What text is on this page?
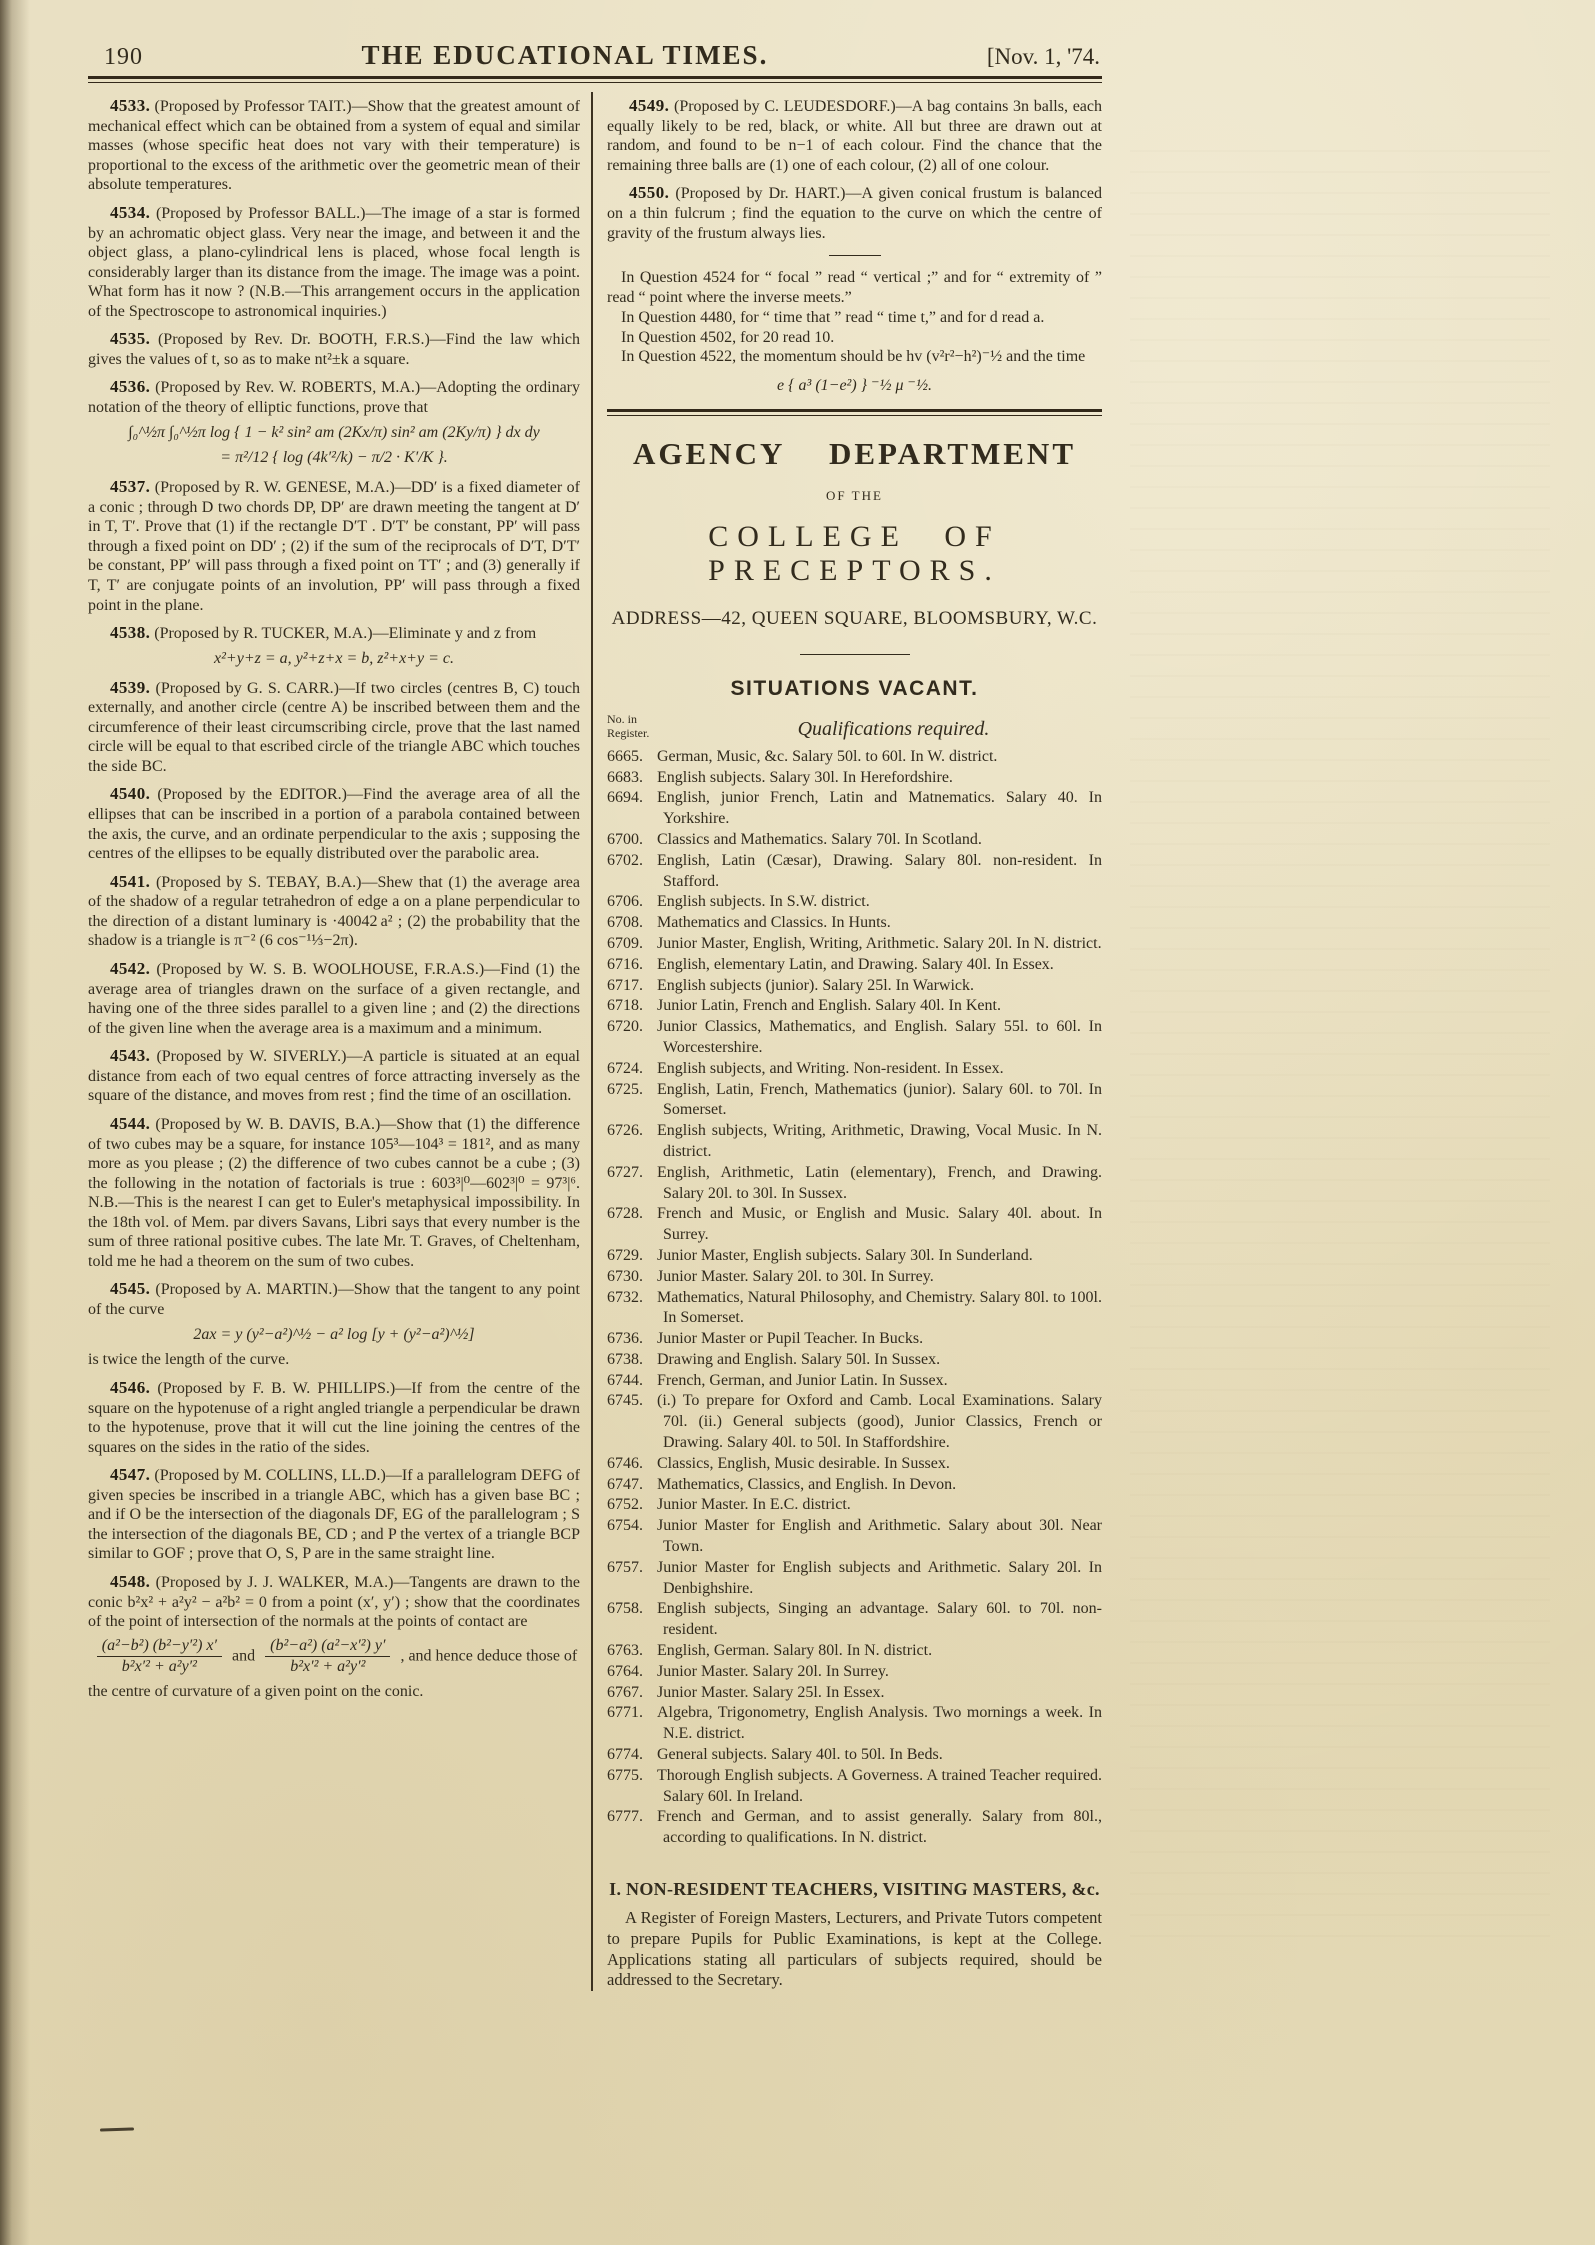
190	THE EDUCATIONAL TIMES.	[Nov. 1, '74.

4533. (Proposed by Professor TAIT.)—Show that the greatest amount of mechanical effect which can be obtained from a system of equal and similar masses (whose specific heat does not vary with their temperature) is proportional to the excess of the arithmetic over the geometric mean of their absolute temperatures.

4534. (Proposed by Professor BALL.)—The image of a star is formed by an achromatic object glass. Very near the image, and between it and the object glass, a plano-cylindrical lens is placed, whose focal length is considerably larger than its distance from the image. The image was a point. What form has it now ? (N.B.—This arrangement occurs in the application of the Spectroscope to astronomical inquiries.)

4535. (Proposed by Rev. Dr. BOOTH, F.R.S.)—Find the law which gives the values of t, so as to make nt²±k a square.

4536. (Proposed by Rev. W. ROBERTS, M.A.)—Adopting the ordinary notation of the theory of elliptic functions, prove that

∫₀^½π ∫₀^½π log { 1 − k² sin² am (2Kx/π) sin² am (2Ky/π) } dx dy
= π²/12 { log (4k′²/k) − π/2 · K′/K }.

4537. (Proposed by R. W. GENESE, M.A.)—DD′ is a fixed diameter of a conic ; through D two chords DP, DP′ are drawn meeting the tangent at D′ in T, T′. Prove that (1) if the rectangle D′T . D′T′ be constant, PP′ will pass through a fixed point on DD′ ; (2) if the sum of the reciprocals of D′T, D′T′ be constant, PP′ will pass through a fixed point on TT′ ; and (3) generally if T, T′ are conjugate points of an involution, PP′ will pass through a fixed point in the plane.

4538. (Proposed by R. TUCKER, M.A.)—Eliminate y and z from

x²+y+z = a, y²+z+x = b, z²+x+y = c.

4539. (Proposed by G. S. CARR.)—If two circles (centres B, C) touch externally, and another circle (centre A) be inscribed between them and the circumference of their least circumscribing circle, prove that the last named circle will be equal to that escribed circle of the triangle ABC which touches the side BC.

4540. (Proposed by the EDITOR.)—Find the average area of all the ellipses that can be inscribed in a portion of a parabola contained between the axis, the curve, and an ordinate perpendicular to the axis ; supposing the centres of the ellipses to be equally distributed over the parabolic area.

4541. (Proposed by S. TEBAY, B.A.)—Shew that (1) the average area of the shadow of a regular tetrahedron of edge a on a plane perpendicular to the direction of a distant luminary is ·40042 a² ; (2) the probability that the shadow is a triangle is π⁻² (6 cos⁻¹⅓−2π).

4542. (Proposed by W. S. B. WOOLHOUSE, F.R.A.S.)—Find (1) the average area of triangles drawn on the surface of a given rectangle, and having one of the three sides parallel to a given line ; and (2) the directions of the given line when the average area is a maximum and a minimum.

4543. (Proposed by W. SIVERLY.)—A particle is situated at an equal distance from each of two equal centres of force attracting inversely as the square of the distance, and moves from rest ; find the time of an oscillation.

4544. (Proposed by W. B. DAVIS, B.A.)—Show that (1) the difference of two cubes may be a square, for instance 105³—104³ = 181², and as many more as you please ; (2) the difference of two cubes cannot be a cube ; (3) the following in the notation of factorials is true : 603³|⁰—602³|⁰ = 97³|⁶. N.B.—This is the nearest I can get to Euler's metaphysical impossibility. In the 18th vol. of Mem. par divers Savans, Libri says that every number is the sum of three rational positive cubes. The late Mr. T. Graves, of Cheltenham, told me he had a theorem on the sum of two cubes.

4545. (Proposed by A. MARTIN.)—Show that the tangent to any point of the curve

2ax = y (y²−a²)^½ − a² log [y + (y²−a²)^½]

is twice the length of the curve.

4546. (Proposed by F. B. W. PHILLIPS.)—If from the centre of the square on the hypotenuse of a right angled triangle a perpendicular be drawn to the hypotenuse, prove that it will cut the line joining the centres of the squares on the sides in the ratio of the sides.

4547. (Proposed by M. COLLINS, LL.D.)—If a parallelogram DEFG of given species be inscribed in a triangle ABC, which has a given base BC ; and if O be the intersection of the diagonals DF, EG of the parallelogram ; S the intersection of the diagonals BE, CD ; and P the vertex of a triangle BCP similar to GOF ; prove that O, S, P are in the same straight line.

4548. (Proposed by J. J. WALKER, M.A.)—Tangents are drawn to the conic b²x² + a²y² − a²b² = 0 from a point (x′, y′) ; show that the coordinates of the point of intersection of the normals at the points of contact are

$\frac{\text{(a²−b²) (b²−y′²) x′}}{\text{b²x′² + a²y′²}}$ and $\frac{\text{(b²−a²) (a²−x′²) y′}}{\text{b²x′² + a²y′²}}$ , and hence deduce those of

the centre of curvature of a given point on the conic.

4549. (Proposed by C. LEUDESDORF.)—A bag contains 3n balls, each equally likely to be red, black, or white. All but three are drawn out at random, and found to be n−1 of each colour. Find the chance that the remaining three balls are (1) one of each colour, (2) all of one colour.

4550. (Proposed by Dr. HART.)—A given conical frustum is balanced on a thin fulcrum ; find the equation to the curve on which the centre of gravity of the frustum always lies.

In Question 4524 for “ focal ” read “ vertical ;” and for “ extremity of ” read “ point where the inverse meets.”

In Question 4480, for “ time that ” read “ time t,” and for d read a.

In Question 4502, for 20 read 10.

In Question 4522, the momentum should be hv (v²r²−h²)⁻½ and the time

e { a³ (1−e²) } ⁻½ μ ⁻½.
AGENCY DEPARTMENT
OF THE
COLLEGE OF PRECEPTORS.
ADDRESS—42, QUEEN SQUARE, BLOOMSBURY, W.C.
SITUATIONS VACANT.
No. in
Register.	Qualifications required.

6665. German, Music, &c. Salary 50l. to 60l. In W. district.

6683. English subjects. Salary 30l. In Herefordshire.

6694. English, junior French, Latin and Matnematics. Salary 40. In Yorkshire.

6700. Classics and Mathematics. Salary 70l. In Scotland.

6702. English, Latin (Cæsar), Drawing. Salary 80l. non-resident. In Stafford.

6706. English subjects. In S.W. district.

6708. Mathematics and Classics. In Hunts.

6709. Junior Master, English, Writing, Arithmetic. Salary 20l. In N. district.

6716. English, elementary Latin, and Drawing. Salary 40l. In Essex.

6717. English subjects (junior). Salary 25l. In Warwick.

6718. Junior Latin, French and English. Salary 40l. In Kent.

6720. Junior Classics, Mathematics, and English. Salary 55l. to 60l. In Worcestershire.

6724. English subjects, and Writing. Non-resident. In Essex.

6725. English, Latin, French, Mathematics (junior). Salary 60l. to 70l. In Somerset.

6726. English subjects, Writing, Arithmetic, Drawing, Vocal Music. In N. district.

6727. English, Arithmetic, Latin (elementary), French, and Drawing. Salary 20l. to 30l. In Sussex.

6728. French and Music, or English and Music. Salary 40l. about. In Surrey.

6729. Junior Master, English subjects. Salary 30l. In Sunderland.

6730. Junior Master. Salary 20l. to 30l. In Surrey.

6732. Mathematics, Natural Philosophy, and Chemistry. Salary 80l. to 100l. In Somerset.

6736. Junior Master or Pupil Teacher. In Bucks.

6738. Drawing and English. Salary 50l. In Sussex.

6744. French, German, and Junior Latin. In Sussex.

6745. (i.) To prepare for Oxford and Camb. Local Examinations. Salary 70l. (ii.) General subjects (good), Junior Classics, French or Drawing. Salary 40l. to 50l. In Staffordshire.

6746. Classics, English, Music desirable. In Sussex.

6747. Mathematics, Classics, and English. In Devon.

6752. Junior Master. In E.C. district.

6754. Junior Master for English and Arithmetic. Salary about 30l. Near Town.

6757. Junior Master for English subjects and Arithmetic. Salary 20l. In Denbighshire.

6758. English subjects, Singing an advantage. Salary 60l. to 70l. non-resident.

6763. English, German. Salary 80l. In N. district.

6764. Junior Master. Salary 20l. In Surrey.

6767. Junior Master. Salary 25l. In Essex.

6771. Algebra, Trigonometry, English Analysis. Two mornings a week. In N.E. district.

6774. General subjects. Salary 40l. to 50l. In Beds.

6775. Thorough English subjects. A Governess. A trained Teacher required. Salary 60l. In Ireland.

6777. French and German, and to assist generally. Salary from 80l., according to qualifications. In N. district.

I. NON-RESIDENT TEACHERS, VISITING MASTERS, &c.

A Register of Foreign Masters, Lecturers, and Private Tutors competent to prepare Pupils for Public Examinations, is kept at the College. Applications stating all particulars of subjects required, should be addressed to the Secretary.
